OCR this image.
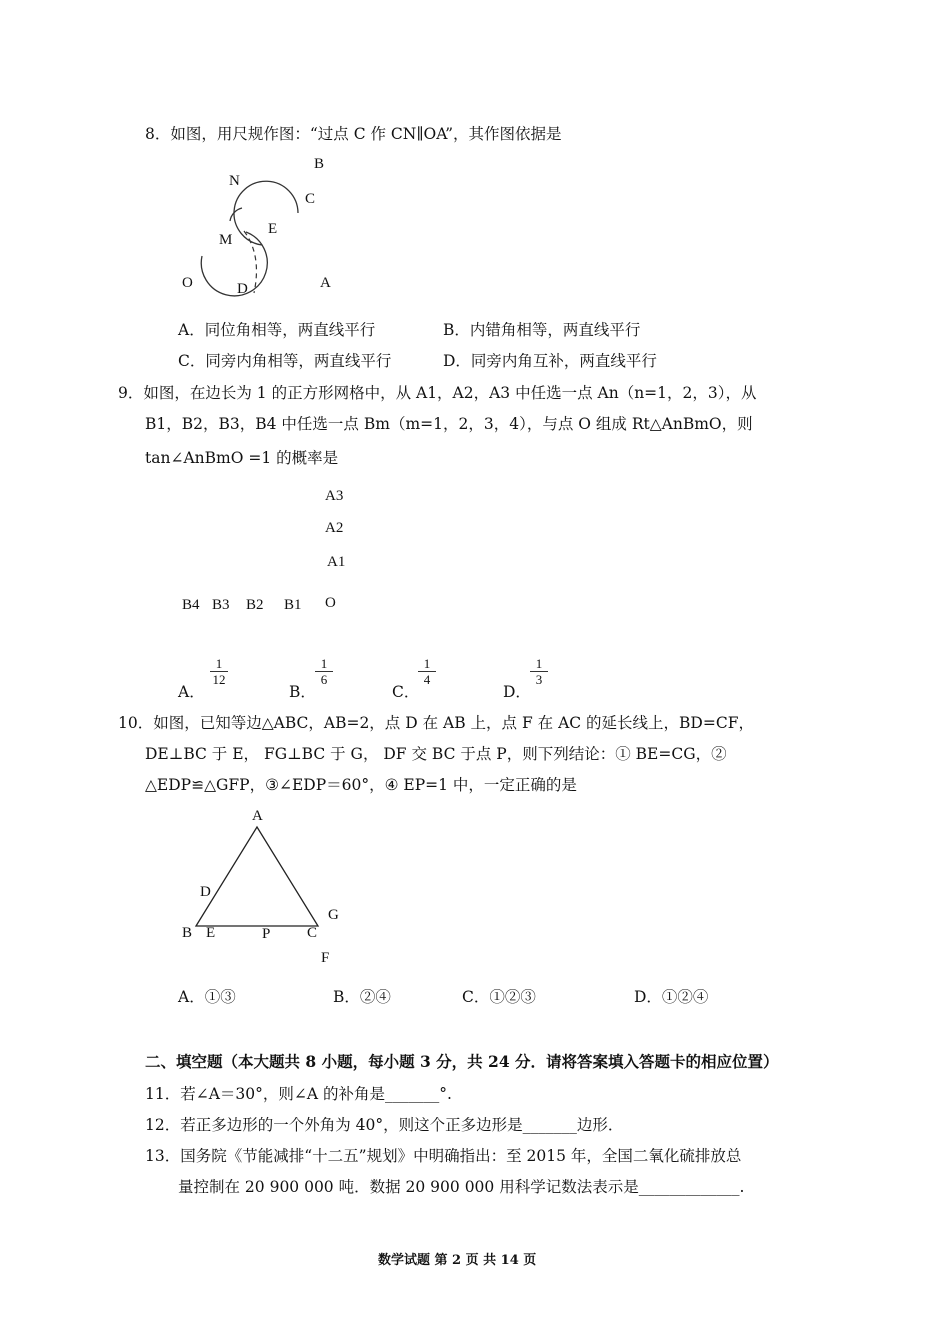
8．如图，用尺规作图：“过点 C 作 CN∥OA”，其作图依据是
B
N
C
E
M
O	D	A
A．同位角相等，两直线平行	B．内错角相等，两直线平行
C．同旁内角相等，两直线平行	D．同旁内角互补，两直线平行
9．如图，在边长为 1 的正方形网格中，从 A1，A2，A3 中任选一点 An（n=1，2，3），从
B1，B2，B3，B4 中任选一点 Bm（m=1，2，3，4），与点 O 组成 Rt△AnBmO，则
tan∠AnBmO =1 的概率是
A3
A2
A1
B4 B3 B2 B1 O
A．
$\frac{1}{12}$
B．
$\frac{1}{6}$
C．
$\frac{1}{4}$
D．
$\frac{1}{3}$
10．如图，已知等边△ABC，AB=2，点 D 在 AB 上，点 F 在 AC 的延长线上，BD=CF，
DE⊥BC 于 E， FG⊥BC 于 G， DF 交 BC 于点 P，则下列结论：① BE=CG，②
△EDP≌△GFP，③∠EDP＝60°，④ EP=1 中，一定正确的是
A
D
B E	P C
G
F
A．①③	B．②④	C．①②③	D．①②④
二、填空题（本大题共 8 小题，每小题 3 分，共 24 分．请将答案填入答题卡的相应位置）
11．若∠A＝30°，则∠A 的补角是_______°.
12．若正多边形的一个外角为 40°，则这个正多边形是_______边形．
13．国务院《节能减排“十二五”规划》中明确指出：至 2015 年，全国二氧化硫排放总
量控制在 20 900 000 吨．数据 20 900 000 用科学记数法表示是_____________.
数学试题 第 2 页 共 14 页
